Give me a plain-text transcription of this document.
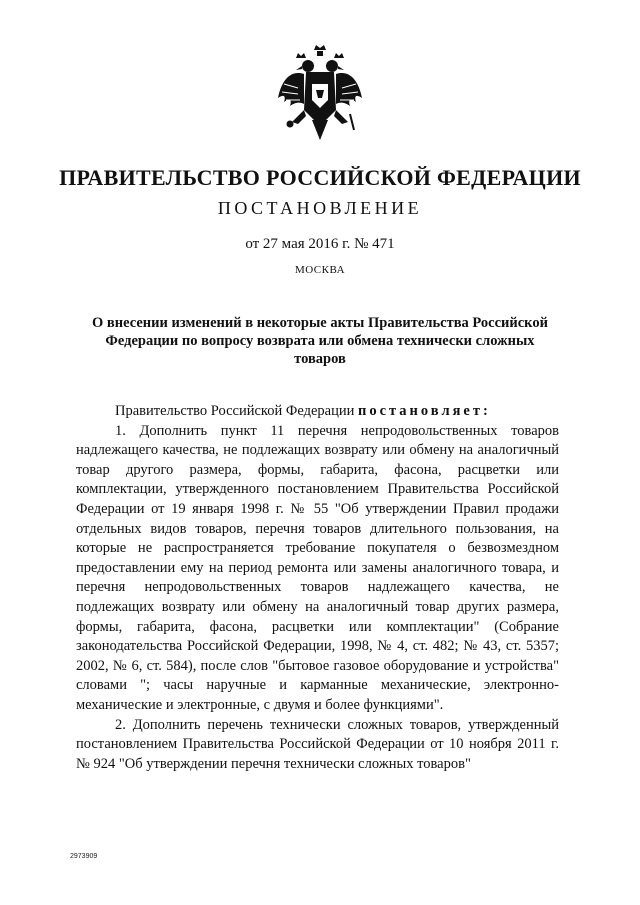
ПРАВИТЕЛЬСТВО РОССИЙСКОЙ ФЕДЕРАЦИИ
ПОСТАНОВЛЕНИЕ
от 27 мая 2016 г. № 471
МОСКВА
О внесении изменений в некоторые акты Правительства Российской Федерации по вопросу возврата или обмена технически сложных товаров

Правительство Российской Федерации постановляет:

1. Дополнить пункт 11 перечня непродовольственных товаров надлежащего качества, не подлежащих возврату или обмену на аналогичный товар другого размера, формы, габарита, фасона, расцветки или комплектации, утвержденного постановлением Правительства Российской Федерации от 19 января 1998 г. № 55 "Об утверждении Правил продажи отдельных видов товаров, перечня товаров длительного пользования, на которые не распространяется требование покупателя о безвозмездном предоставлении ему на период ремонта или замены аналогичного товара, и перечня непродовольственных товаров надлежащего качества, не подлежащих возврату или обмену на аналогичный товар других размера, формы, габарита, фасона, расцветки или комплектации" (Собрание законодательства Российской Федерации, 1998, № 4, ст. 482; № 43, ст. 5357; 2002, № 6, ст. 584), после слов "бытовое газовое оборудование и устройства" словами "; часы наручные и карманные механические, электронно-механические и электронные, с двумя и более функциями".

2. Дополнить перечень технически сложных товаров, утвержденный постановлением Правительства Российской Федерации от 10 ноября 2011 г. № 924 "Об утверждении перечня технически сложных товаров"

2973909
